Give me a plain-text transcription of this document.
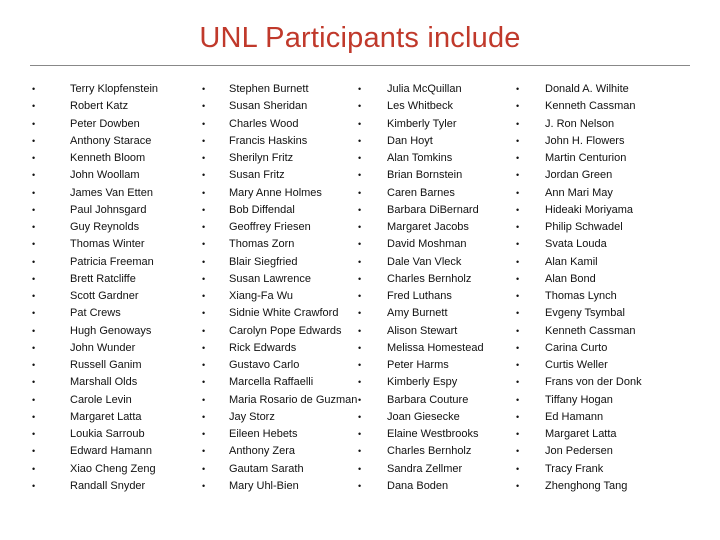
UNL Participants include
•	Terry Klopfenstein
•	Robert Katz
•	Peter Dowben
•	Anthony Starace
•	Kenneth Bloom
•	John Woollam
•	James Van Etten
•	Paul Johnsgard
•	Guy Reynolds
•	Thomas Winter
•	Patricia Freeman
•	Brett Ratcliffe
•	Scott Gardner
•	Pat Crews
•	Hugh Genoways
•	John Wunder
•	Russell Ganim
•	Marshall Olds
•	Carole Levin
•	Margaret Latta
•	Loukia Sarroub
•	Edward Hamann
•	Xiao Cheng Zeng
•	Randall Snyder
• Stephen Burnett
• Susan Sheridan
• Charles Wood
• Francis Haskins
• Sherilyn Fritz
• Susan Fritz
• Mary Anne Holmes
• Bob Diffendal
• Geoffrey Friesen
• Thomas Zorn
• Blair Siegfried
• Susan Lawrence
• Xiang-Fa Wu
• Sidnie White Crawford
• Carolyn Pope Edwards
• Rick Edwards
• Gustavo Carlo
• Marcella Raffaelli
• Maria Rosario de Guzman
• Jay Storz
• Eileen Hebets
• Anthony Zera
• Gautam Sarath
• Mary Uhl-Bien
• Julia McQuillan
• Les Whitbeck
• Kimberly Tyler
• Dan Hoyt
• Alan Tomkins
• Brian Bornstein
• Caren Barnes
• Barbara DiBernard
• Margaret Jacobs
• David Moshman
• Dale Van Vleck
• Charles Bernholz
• Fred Luthans
• Amy Burnett
• Alison Stewart
• Melissa Homestead
• Peter Harms
• Kimberly Espy
• Barbara Couture
• Joan Giesecke
• Elaine Westbrooks
• Charles Bernholz
• Sandra Zellmer
• Dana Boden
• Donald A. Wilhite
• Kenneth Cassman
• J. Ron Nelson
• John H. Flowers
• Martin Centurion
• Jordan Green
• Ann Mari May
• Hideaki Moriyama
• Philip Schwadel
• Svata Louda
• Alan Kamil
• Alan Bond
• Thomas Lynch
• Evgeny Tsymbal
• Kenneth Cassman
• Carina Curto
• Curtis Weller
• Frans von der Donk
• Tiffany Hogan
• Ed Hamann
• Margaret Latta
• Jon Pedersen
• Tracy Frank
• Zhenghong Tang
